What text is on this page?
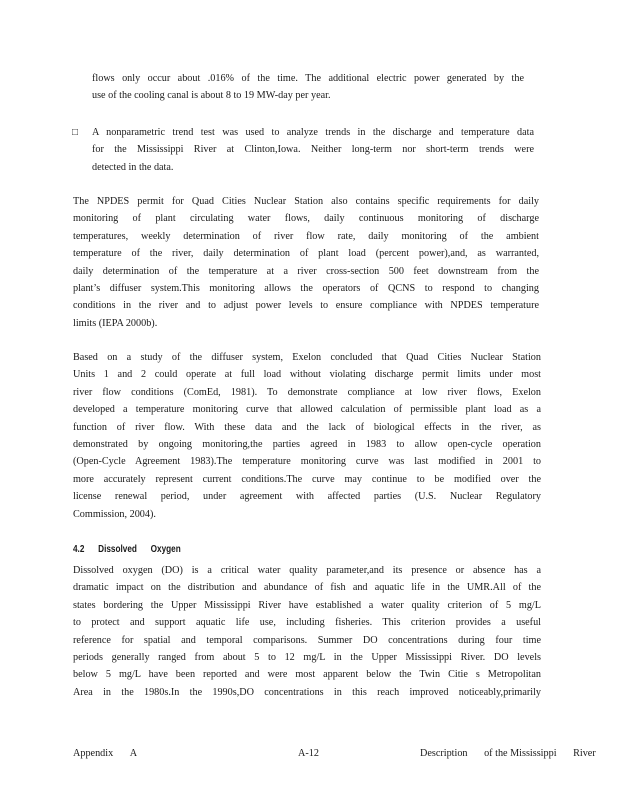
flows only occur about .016% of the time. The additional electric power generated by the
use of the cooling canal is about 8 to 19 MW-day per year.

□ A nonparametric trend test was used to analyze trends in the discharge and temperature data
for the Mississippi River at Clinton,Iowa. Neither long-term nor short-term trends were
detected in the data.

The NPDES permit for Quad Cities Nuclear Station also contains specific requirements for daily
monitoring of plant circulating water flows, daily continuous monitoring of discharge
temperatures, weekly determination of river flow rate, daily monitoring of the ambient
temperature of the river, daily determination of plant load (percent power),and, as warranted,
daily determination of the temperature at a river cross-section 500 feet downstream from the
plant’s diffuser system.This monitoring allows the operators of QCNS to respond to changing
conditions in the river and to adjust power levels to ensure compliance with NPDES temperature
limits (IEPA 2000b).

Based on a study of the diffuser system, Exelon concluded that Quad Cities Nuclear Station
Units 1 and 2 could operate at full load without violating discharge permit limits under most
river flow conditions (ComEd, 1981). To demonstrate compliance at low river flows, Exelon
developed a temperature monitoring curve that allowed calculation of permissible plant load as a
function of river flow. With these data and the lack of biological effects in the river, as
demonstrated by ongoing monitoring,the parties agreed in 1983 to allow open-cycle operation
(Open-Cycle Agreement 1983).The temperature monitoring curve was last modified in 2001 to
more accurately represent current conditions.The curve may continue to be modified over the
license renewal period, under agreement with affected parties (U.S. Nuclear Regulatory
Commission, 2004).

4.2 Dissolved Oxygen

Dissolved oxygen (DO) is a critical water quality parameter,and its presence or absence has a
dramatic impact on the distribution and abundance of fish and aquatic life in the UMR.All of the
states bordering the Upper Mississippi River have established a water quality criterion of 5 mg/L
to protect and support aquatic life use, including fisheries. This criterion provides a useful
reference for spatial and temporal comparisons. Summer DO concentrations during four time
periods generally ranged from about 5 to 12 mg/L in the Upper Mississippi River. DO levels
below 5 mg/L have been reported and were most apparent below the Twin Citie s Metropolitan
Area in the 1980s.In the 1990s,DO concentrations in this reach improved noticeably,primarily

Appendix A	A-12	Description of the Mississippi River
